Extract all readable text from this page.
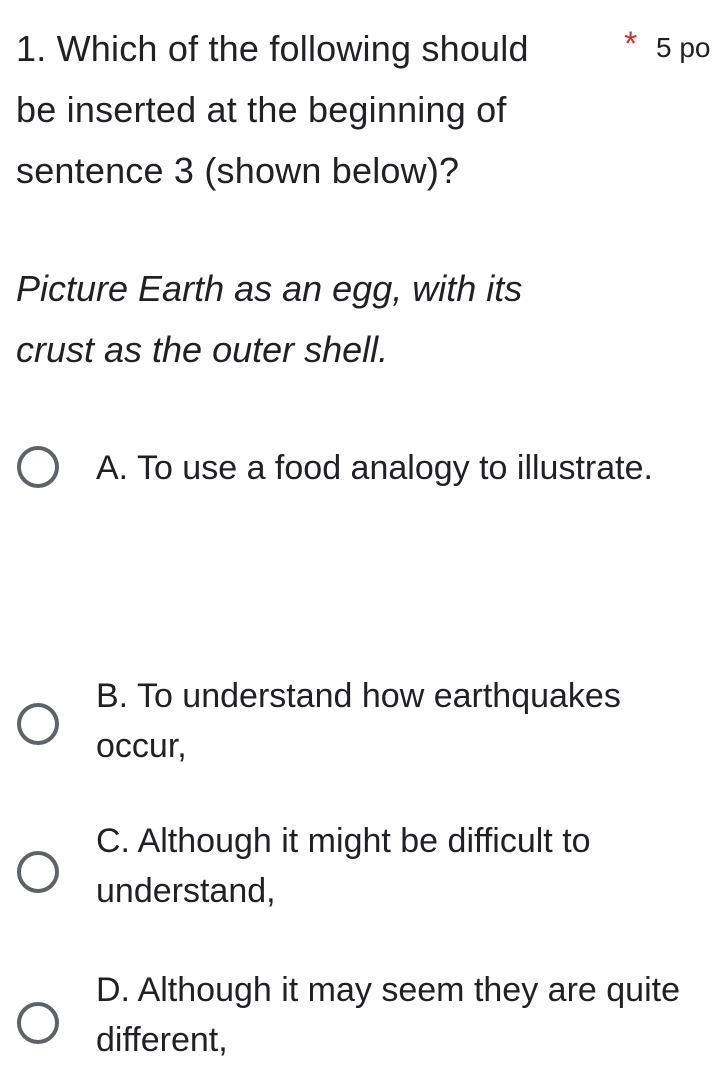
1. Which of the following should
be inserted at the beginning of
sentence 3 (shown below)?

* 5 po

Picture Earth as an egg, with its
crust as the outer shell.

A. To use a food analogy to illustrate.
B. To understand how earthquakes
occur,
C. Although it might be difficult to
understand,
D. Although it may seem they are quite
different,
